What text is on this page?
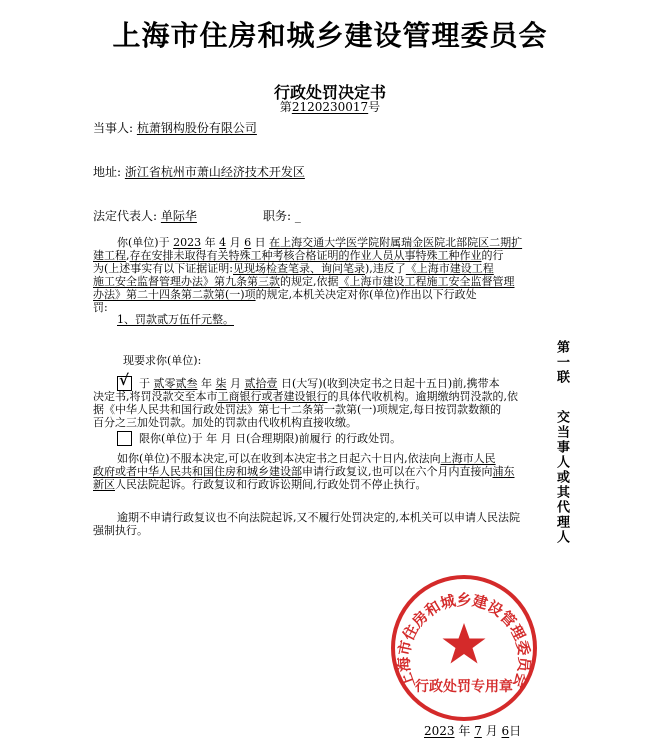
上海市住房和城乡建设管理委员会
行政处罚决定书
第2120230017号
当事人: 杭萧钢构股份有限公司
地址: 浙江省杭州市萧山经济技术开发区
法定代表人: 单际华	职务: _
你(单位)于 2023 年 4 月 6 日 在上海交通大学医学院附属瑞金医院北部院区二期扩
建工程,存在安排未取得有关特殊工种考核合格证明的作业人员从事特殊工种作业的行
为(上述事实有以下证据证明:见现场检查笔录、询问笔录),违反了《上海市建设工程
施工安全监督管理办法》第九条第三款的规定,依据《上海市建设工程施工安全监督管理
办法》第二十四条第二款第(一)项的规定,本机关决定对你(单位)作出以下行政处
罚:
1、罚款贰万伍仟元整。
现要求你(单位):
√ 于 贰零贰叁 年 柒 月 贰拾壹 日(大写)(收到决定书之日起十五日)前,携带本
决定书,将罚没款交至本市工商银行或者建设银行的具体代收机构。逾期缴纳罚没款的,依
据《中华人民共和国行政处罚法》第七十二条第一款第(一)项规定,每日按罚款数额的
百分之三加处罚款。加处的罚款由代收机构直接收缴。
限你(单位)于 年 月 日(合理期限)前履行 的行政处罚。
如你(单位)不服本决定,可以在收到本决定书之日起六十日内,依法向上海市人民
政府或者中华人民共和国住房和城乡建设部申请行政复议,也可以在六个月内直接向浦东
新区人民法院起诉。行政复议和行政诉讼期间,行政处罚不停止执行。
逾期不申请行政复议也不向法院起诉,又不履行处罚决定的,本机关可以申请人民法院
强制执行。
第一联
交当事人或其代理人
上海市住房和城乡建设管理委员会
行政处罚专用章
2023 年 7 月 6日
